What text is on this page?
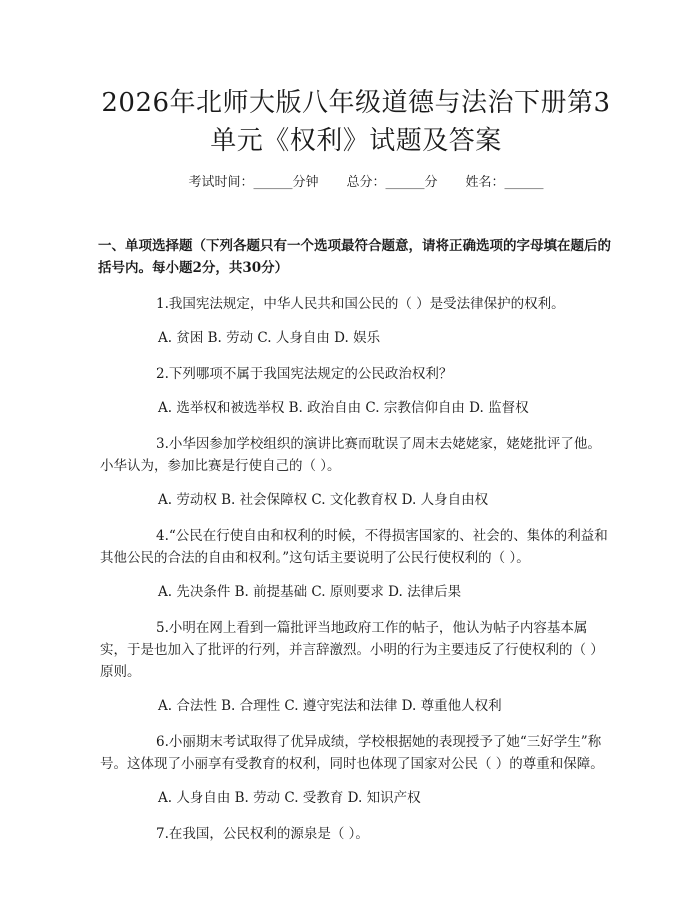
2026年北师大版八年级道德与法治下册第3单元《权利》试题及答案
考试时间：______分钟 总分：______分 姓名：______
一、单项选择题（下列各题只有一个选项最符合题意，请将正确选项的字母填在题后的括号内。每小题2分，共30分）

1.我国宪法规定，中华人民共和国公民的（ ）是受法律保护的权利。

A. 贫困 B. 劳动 C. 人身自由 D. 娱乐

2.下列哪项不属于我国宪法规定的公民政治权利？

A. 选举权和被选举权 B. 政治自由 C. 宗教信仰自由 D. 监督权

3.小华因参加学校组织的演讲比赛而耽误了周末去姥姥家，姥姥批评了他。小华认为，参加比赛是行使自己的（ ）。

A. 劳动权 B. 社会保障权 C. 文化教育权 D. 人身自由权

4.“公民在行使自由和权利的时候，不得损害国家的、社会的、集体的利益和其他公民的合法的自由和权利。”这句话主要说明了公民行使权利的（ ）。

A. 先决条件 B. 前提基础 C. 原则要求 D. 法律后果

5.小明在网上看到一篇批评当地政府工作的帖子，他认为帖子内容基本属实，于是也加入了批评的行列，并言辞激烈。小明的行为主要违反了行使权利的（ ）原则。

A. 合法性 B. 合理性 C. 遵守宪法和法律 D. 尊重他人权利

6.小丽期末考试取得了优异成绩，学校根据她的表现授予了她“三好学生”称号。这体现了小丽享有受教育的权利，同时也体现了国家对公民（ ）的尊重和保障。

A. 人身自由 B. 劳动 C. 受教育 D. 知识产权

7.在我国，公民权利的源泉是（ ）。
